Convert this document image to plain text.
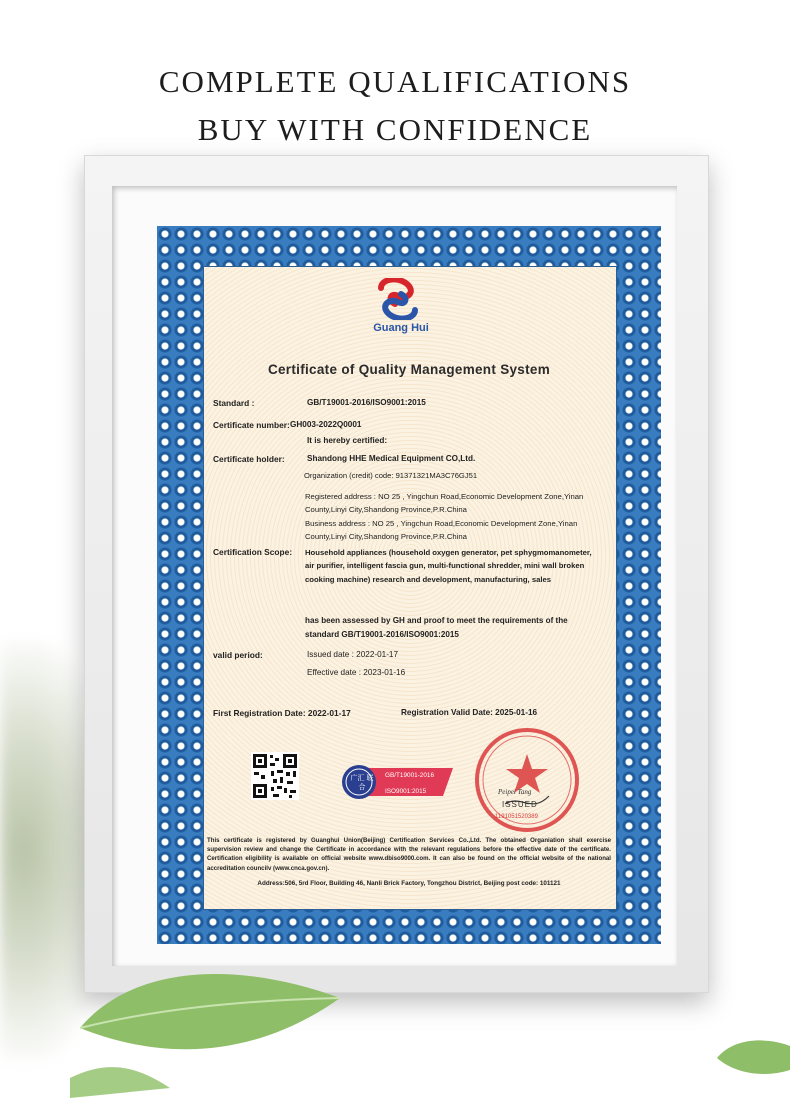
COMPLETE QUALIFICATIONS
BUY WITH CONFIDENCE
Guang Hui
Certificate of Quality Management System
Standard :	GB/T19001-2016/ISO9001:2015
Certificate number: GH003-2022Q0001
It is hereby certified:
Certificate holder:	Shandong HHE Medical Equipment CO,Ltd.
Organization (credit) code: 91371321MA3C76GJ51
Registered address : NO 25 , Yingchun Road,Economic Development Zone,Yinan County,Linyi City,Shandong Province,P.R.China
Business address : NO 25 , Yingchun Road,Economic Development Zone,Yinan County,Linyi City,Shandong Province,P.R.China
Certification Scope: Household appliances (household oxygen generator, pet sphygmomanometer, air purifier, intelligent fascia gun, multi-functional shredder, mini wall broken cooking machine) research and development, manufacturing, sales
has been assessed by GH and proof to meet the requirements of the standard GB/T19001-2016/ISO9001:2015
valid period:	Issued date : 2022-01-17
Effective date : 2023-01-16
First Registration Date: 2022-01-17	Registration Valid Date: 2025-01-16
广汇 联合
GB/T19001-2016
ISO9001:2015
ISSUED
Peipei Tang
1191051520389
This certificate is registered by Guanghui Union(Beijing) Certification Services Co.,Ltd. The obtained Organiation shall exercise supervision review and change the Certificate in accordance with the relevant regulations before the effective date of the certificate. Certification eligibility is available on official website www.dbiso9000.com. It can also be found on the official website of the national accreditation councilv (www.cnca.gov.cn).
Address:506, 5rd Floor, Building 46, Nanli Brick Factory, Tongzhou District, Beijing post code: 101121
